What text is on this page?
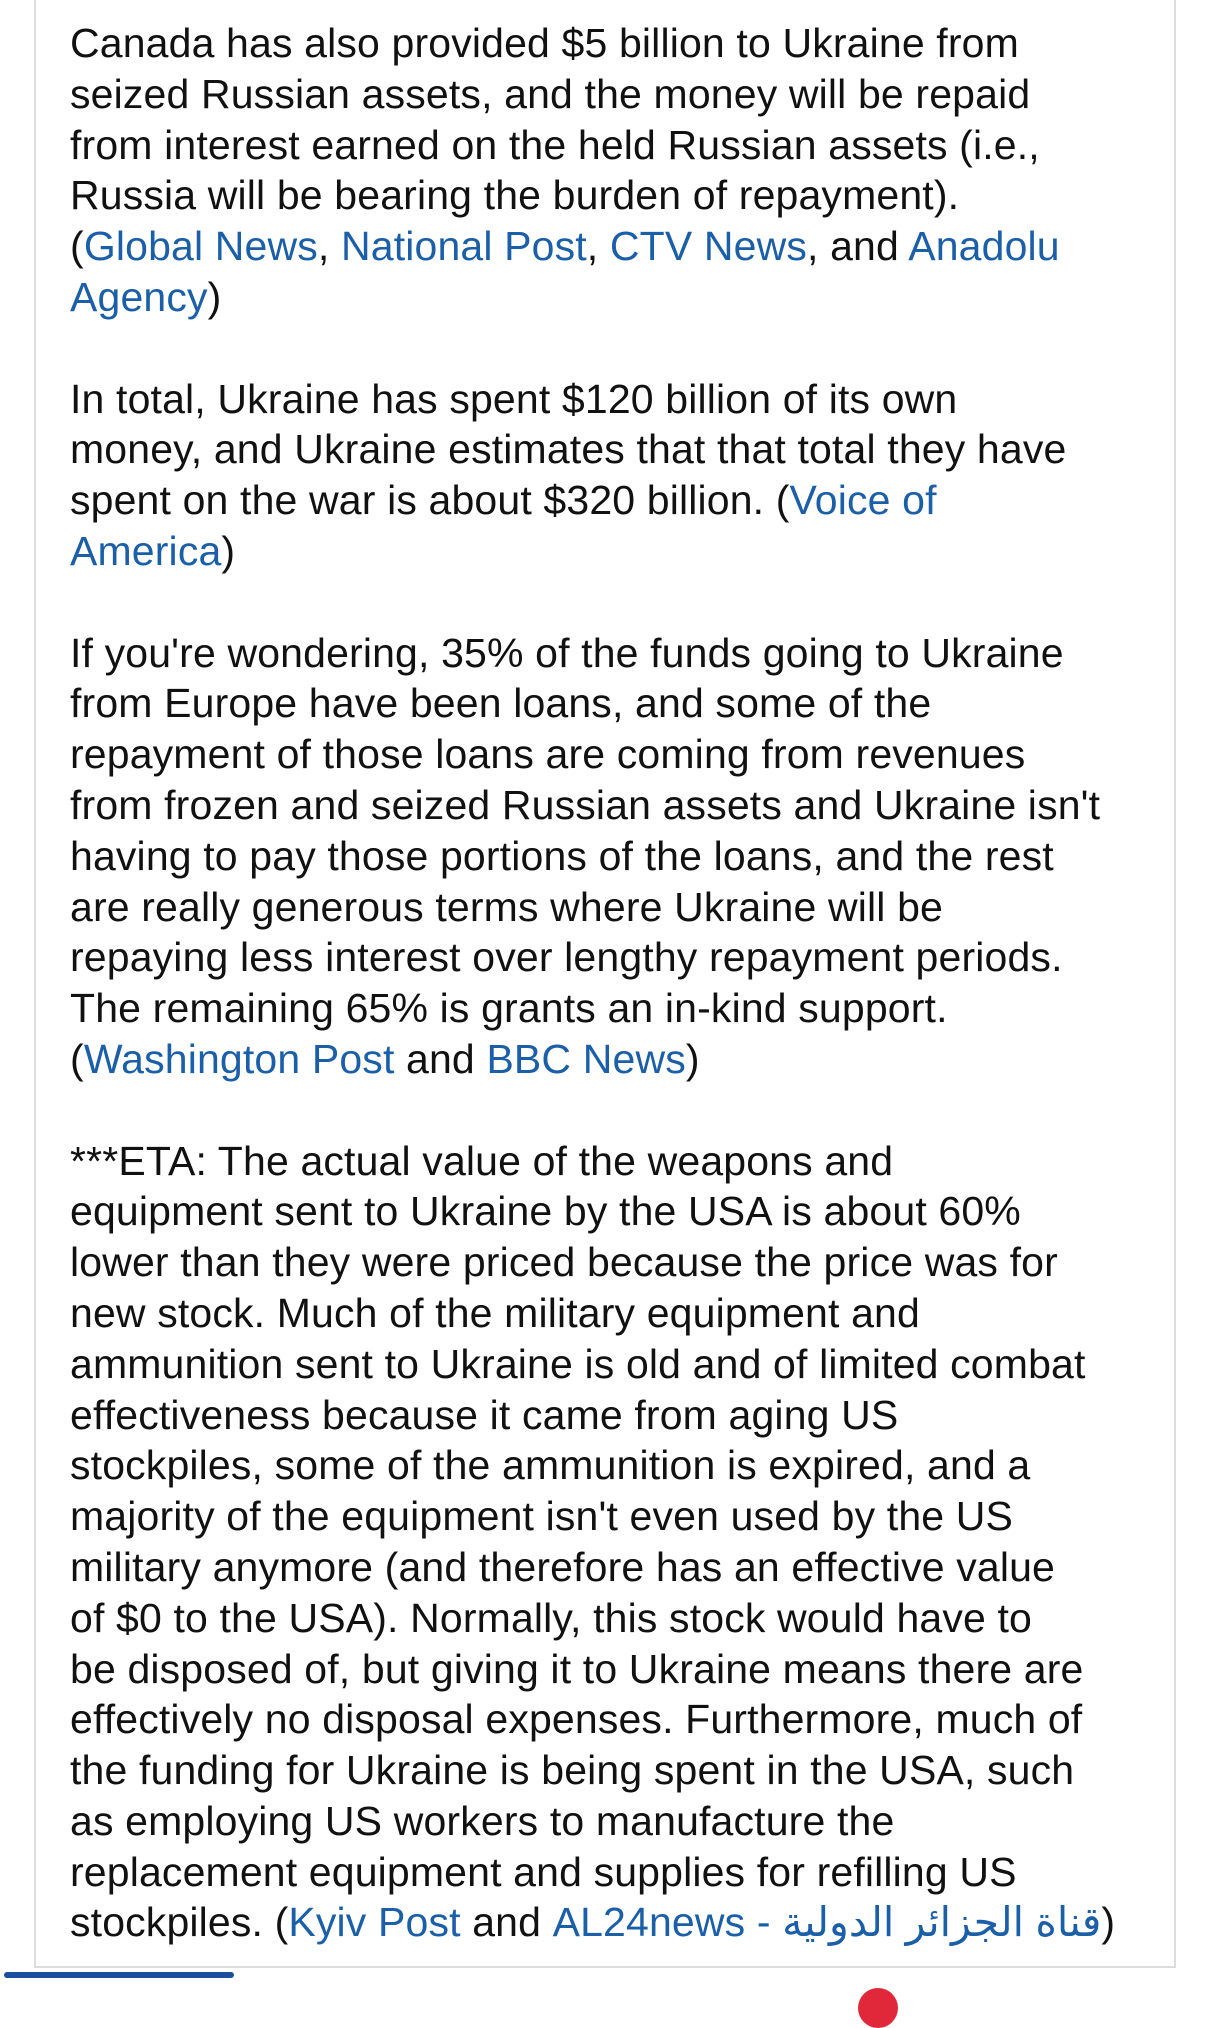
Canada has also provided $5 billion to Ukraine from
seized Russian assets, and the money will be repaid
from interest earned on the held Russian assets (i.e.,
Russia will be bearing the burden of repayment).
(Global News, National Post, CTV News, and Anadolu
Agency)

In total, Ukraine has spent $120 billion of its own
money, and Ukraine estimates that that total they have
spent on the war is about $320 billion. (Voice of
America)

If you're wondering, 35% of the funds going to Ukraine
from Europe have been loans, and some of the
repayment of those loans are coming from revenues
from frozen and seized Russian assets and Ukraine isn't
having to pay those portions of the loans, and the rest
are really generous terms where Ukraine will be
repaying less interest over lengthy repayment periods.
The remaining 65% is grants an in-kind support.
(Washington Post and BBC News)

***ETA: The actual value of the weapons and
equipment sent to Ukraine by the USA is about 60%
lower than they were priced because the price was for
new stock. Much of the military equipment and
ammunition sent to Ukraine is old and of limited combat
effectiveness because it came from aging US
stockpiles, some of the ammunition is expired, and a
majority of the equipment isn't even used by the US
military anymore (and therefore has an effective value
of $0 to the USA). Normally, this stock would have to
be disposed of, but giving it to Ukraine means there are
effectively no disposal expenses. Furthermore, much of
the funding for Ukraine is being spent in the USA, such
as employing US workers to manufacture the
replacement equipment and supplies for refilling US
stockpiles. (Kyiv Post and AL24news - قناة الجزائر الدولية)
